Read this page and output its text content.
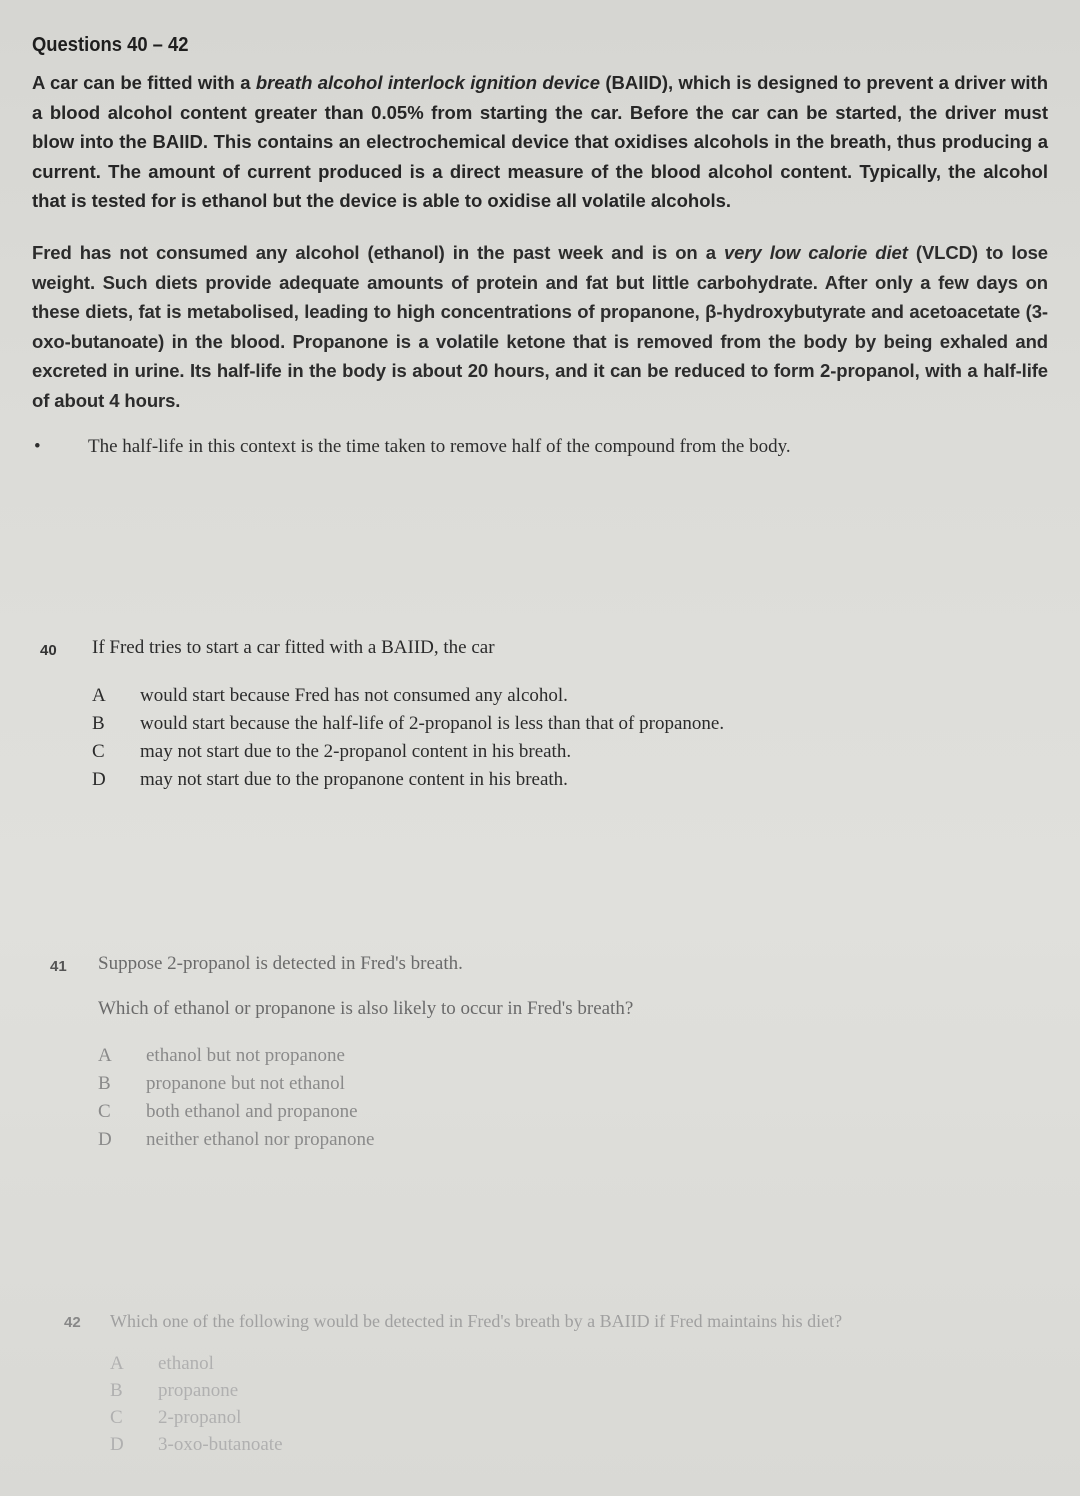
Questions 40 – 42

A car can be fitted with a breath alcohol interlock ignition device (BAIID), which is designed to prevent a driver with a blood alcohol content greater than 0.05% from starting the car. Before the car can be started, the driver must blow into the BAIID. This contains an electrochemical device that oxidises alcohols in the breath, thus producing a current. The amount of current produced is a direct measure of the blood alcohol content. Typically, the alcohol that is tested for is ethanol but the device is able to oxidise all volatile alcohols.

Fred has not consumed any alcohol (ethanol) in the past week and is on a very low calorie diet (VLCD) to lose weight. Such diets provide adequate amounts of protein and fat but little carbohydrate. After only a few days on these diets, fat is metabolised, leading to high concentrations of propanone, β-hydroxybutyrate and acetoacetate (3-oxo-butanoate) in the blood. Propanone is a volatile ketone that is removed from the body by being exhaled and excreted in urine. Its half-life in the body is about 20 hours, and it can be reduced to form 2-propanol, with a half-life of about 4 hours.

•	The half-life in this context is the time taken to remove half of the compound from the body.
40 If Fred tries to start a car fitted with a BAIID, the car
A	would start because Fred has not consumed any alcohol.
B	would start because the half-life of 2-propanol is less than that of propanone.
C	may not start due to the 2-propanol content in his breath.
D	may not start due to the propanone content in his breath.
41 Suppose 2-propanol is detected in Fred's breath.
Which of ethanol or propanone is also likely to occur in Fred's breath?
A	ethanol but not propanone
B	propanone but not ethanol
C	both ethanol and propanone
D	neither ethanol nor propanone
42 Which one of the following would be detected in Fred's breath by a BAIID if Fred maintains his diet?
A	ethanol
B	propanone
C	2-propanol
D	3-oxo-butanoate
